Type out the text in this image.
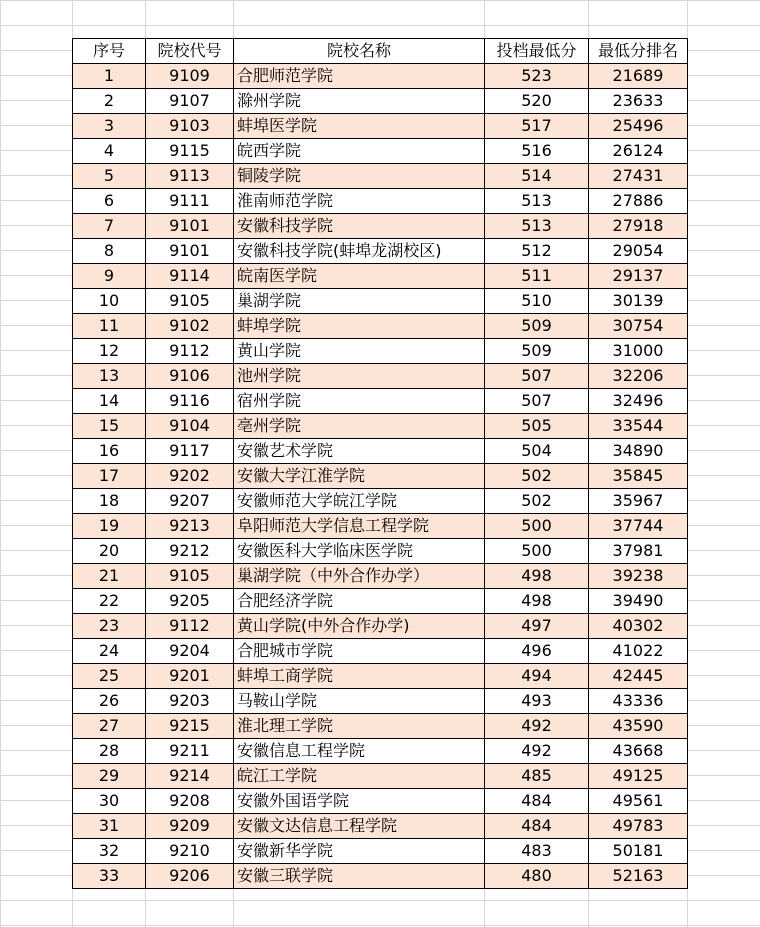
序号	院校代号	院校名称	投档最低分	最低分排名
1	9109	合肥师范学院	523	21689
2	9107	滁州学院	520	23633
3	9103	蚌埠医学院	517	25496
4	9115	皖西学院	516	26124
5	9113	铜陵学院	514	27431
6	9111	淮南师范学院	513	27886
7	9101	安徽科技学院	513	27918
8	9101	安徽科技学院(蚌埠龙湖校区)	512	29054
9	9114	皖南医学院	511	29137
10	9105	巢湖学院	510	30139
11	9102	蚌埠学院	509	30754
12	9112	黄山学院	509	31000
13	9106	池州学院	507	32206
14	9116	宿州学院	507	32496
15	9104	亳州学院	505	33544
16	9117	安徽艺术学院	504	34890
17	9202	安徽大学江淮学院	502	35845
18	9207	安徽师范大学皖江学院	502	35967
19	9213	阜阳师范大学信息工程学院	500	37744
20	9212	安徽医科大学临床医学院	500	37981
21	9105	巢湖学院（中外合作办学）	498	39238
22	9205	合肥经济学院	498	39490
23	9112	黄山学院(中外合作办学)	497	40302
24	9204	合肥城市学院	496	41022
25	9201	蚌埠工商学院	494	42445
26	9203	马鞍山学院	493	43336
27	9215	淮北理工学院	492	43590
28	9211	安徽信息工程学院	492	43668
29	9214	皖江工学院	485	49125
30	9208	安徽外国语学院	484	49561
31	9209	安徽文达信息工程学院	484	49783
32	9210	安徽新华学院	483	50181
33	9206	安徽三联学院	480	52163
